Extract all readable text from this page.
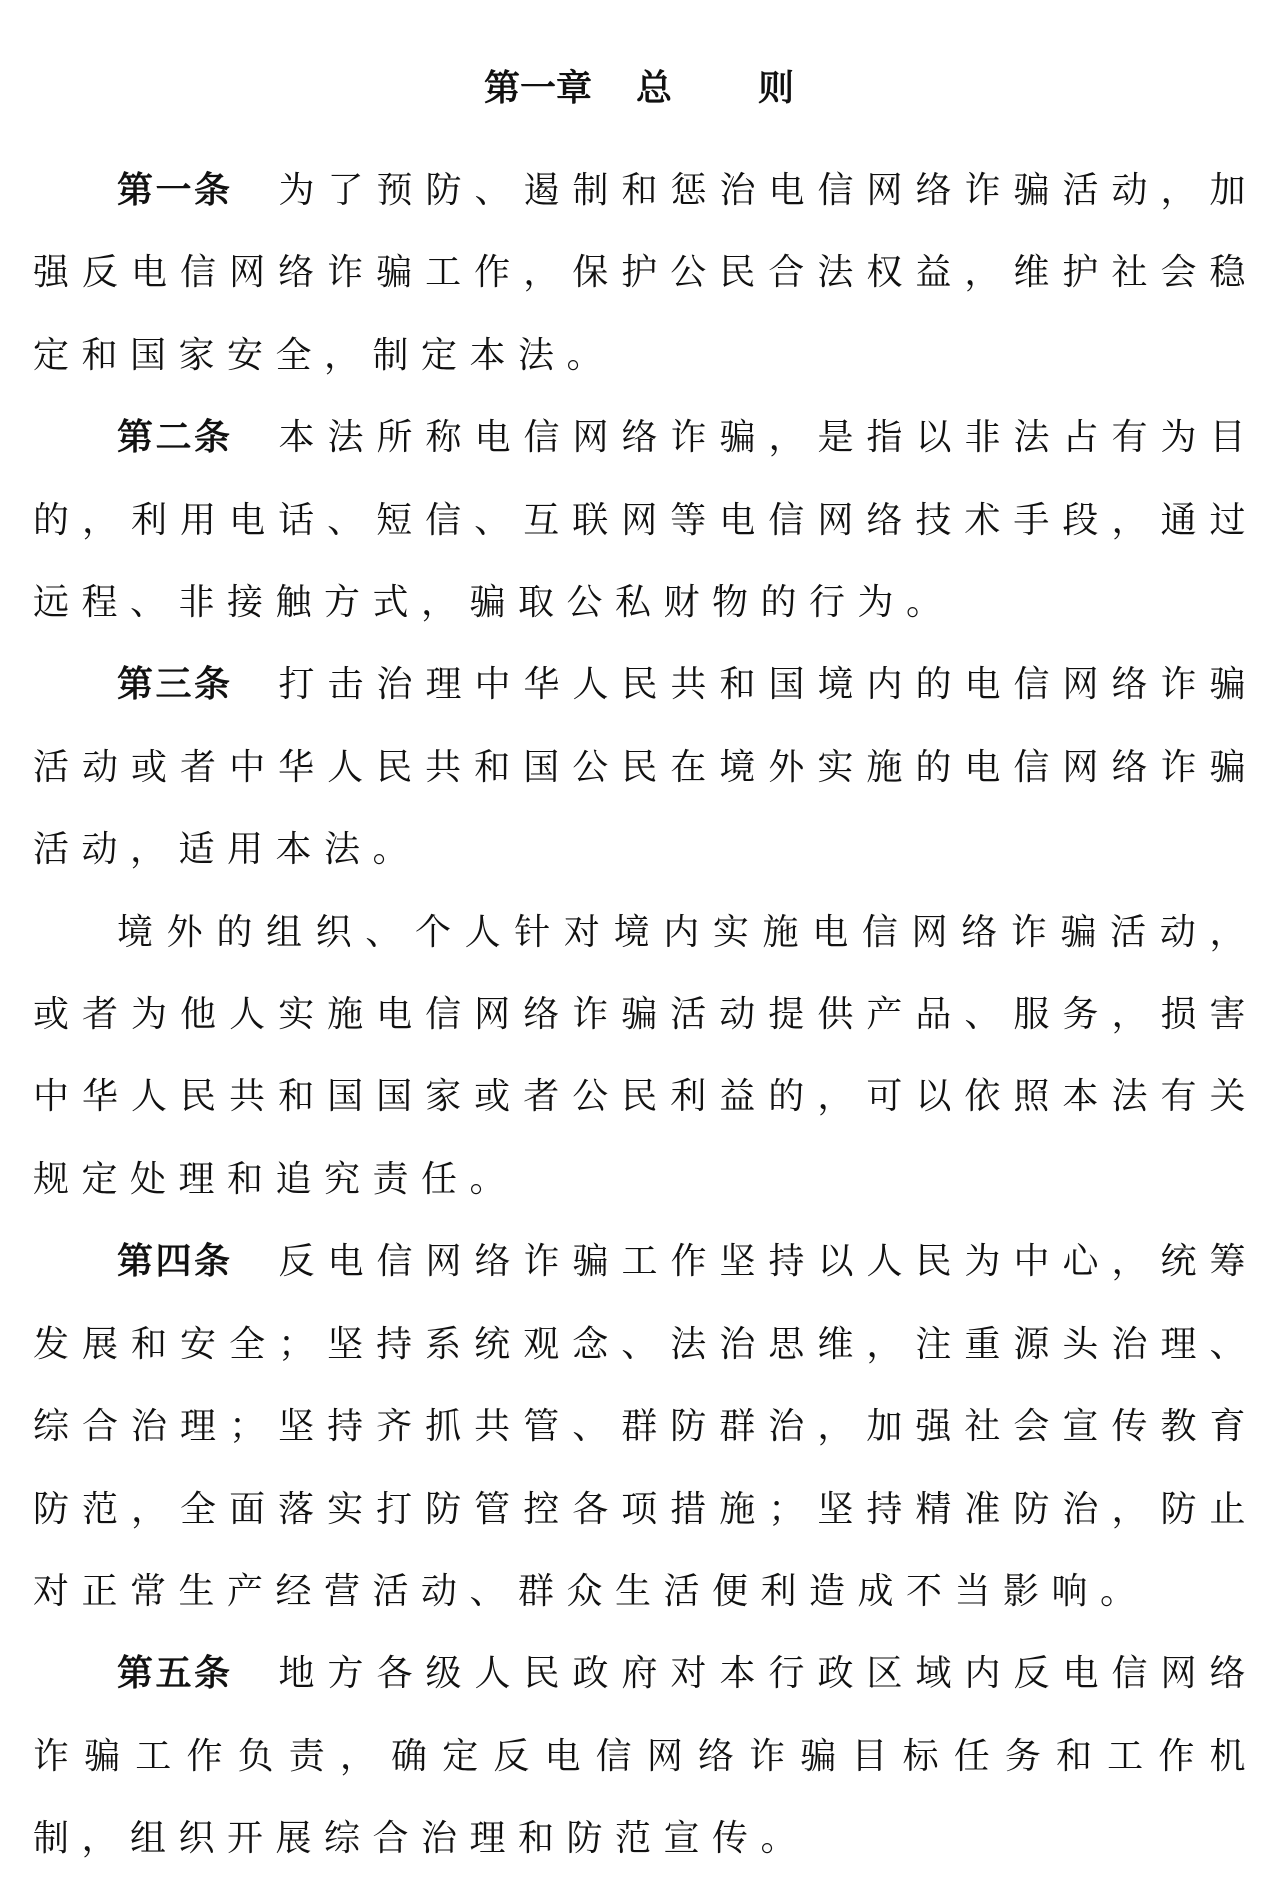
第一章 总 则

第一条 为了预防、遏制和惩治电信网络诈骗活动，加强反电信网络诈骗工作，保护公民合法权益，维护社会稳定和国家安全，制定本法。

第二条 本法所称电信网络诈骗，是指以非法占有为目的，利用电话、短信、互联网等电信网络技术手段，通过远程、非接触方式，骗取公私财物的行为。

第三条 打击治理中华人民共和国境内的电信网络诈骗活动或者中华人民共和国公民在境外实施的电信网络诈骗活动，适用本法。

境外的组织、个人针对境内实施电信网络诈骗活动，或者为他人实施电信网络诈骗活动提供产品、服务，损害中华人民共和国国家或者公民利益的，可以依照本法有关规定处理和追究责任。

第四条 反电信网络诈骗工作坚持以人民为中心，统筹发展和安全；坚持系统观念、法治思维，注重源头治理、综合治理；坚持齐抓共管、群防群治，加强社会宣传教育防范，全面落实打防管控各项措施；坚持精准防治，防止对正常生产经营活动、群众生活便利造成不当影响。

第五条 地方各级人民政府对本行政区域内反电信网络诈骗工作负责，确定反电信网络诈骗目标任务和工作机制，组织开展综合治理和防范宣传。
